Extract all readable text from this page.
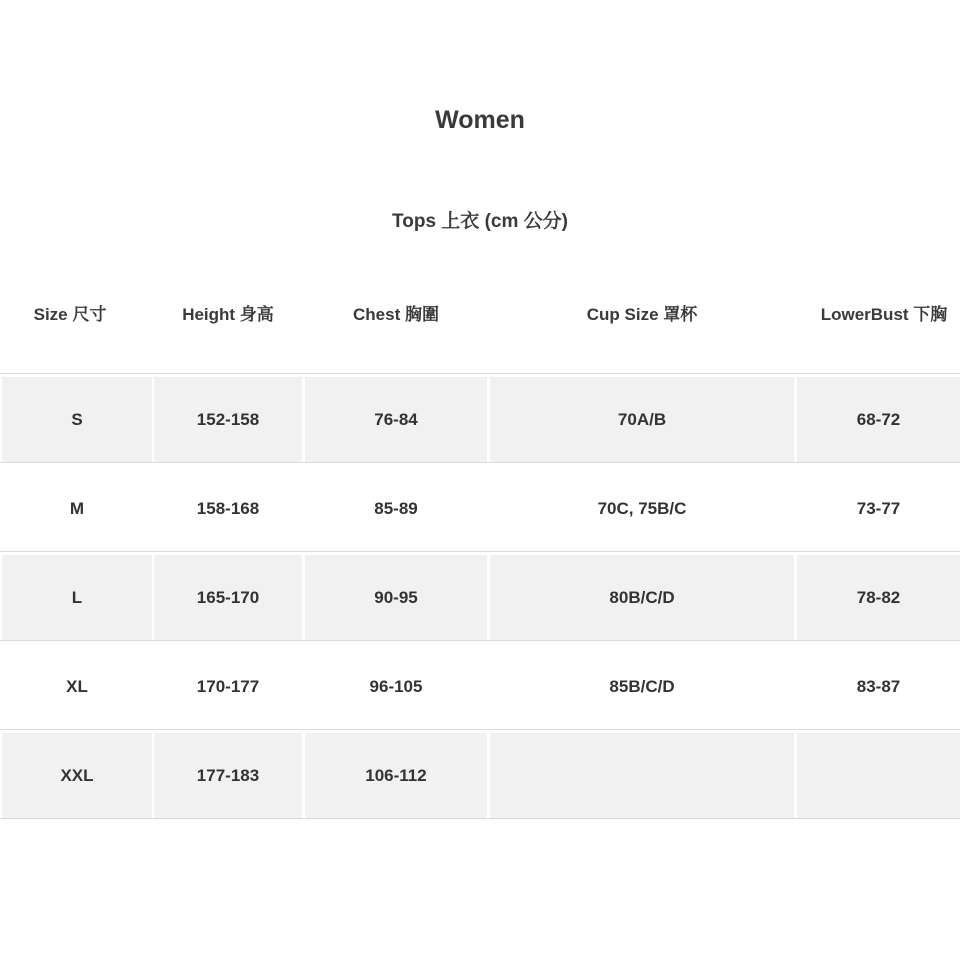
Women
Tops 上衣 (cm 公分)
Size 尺寸	Height 身高	Chest 胸圍	Cup Size 罩杯	LowerBust 下胸
S	152-158	76-84	70A/B	68-72
M	158-168	85-89	70C, 75B/C	73-77
L	165-170	90-95	80B/C/D	78-82
XL	170-177	96-105	85B/C/D	83-87
XXL	177-183	106-112
